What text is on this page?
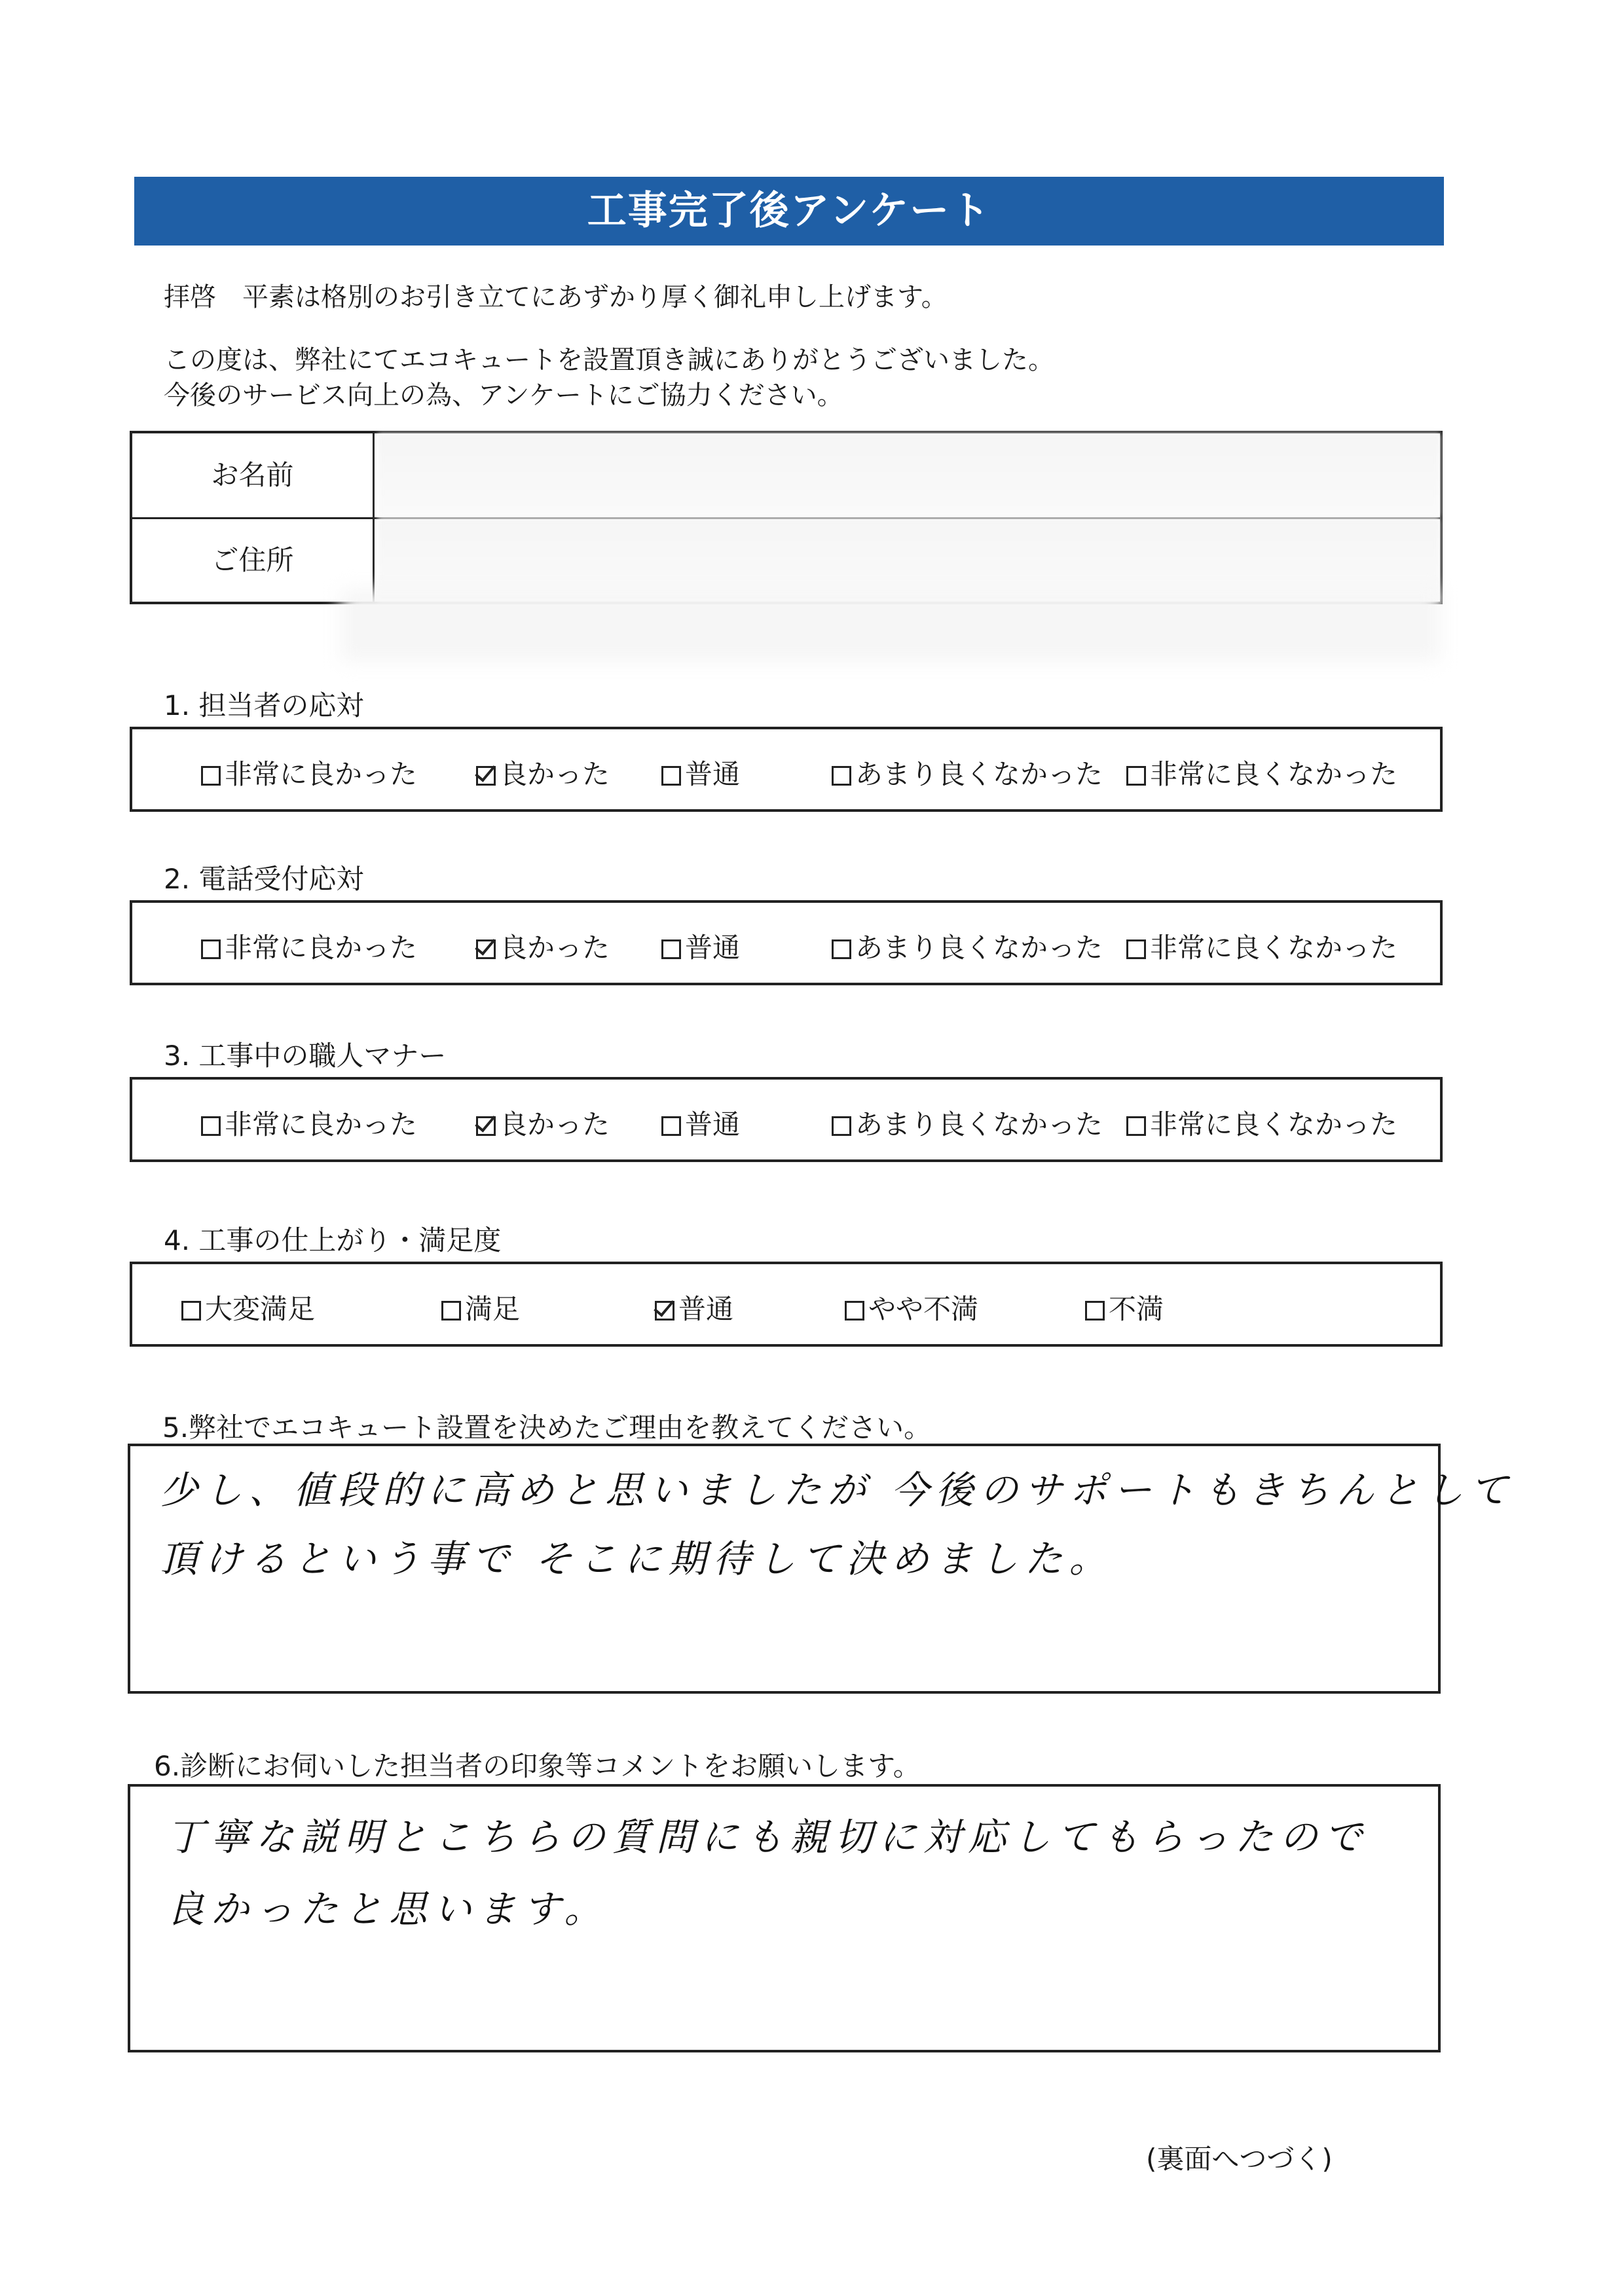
工事完了後アンケート
拝啓　平素は格別のお引き立てにあずかり厚く御礼申し上げます。
この度は、弊社にてエコキュートを設置頂き誠にありがとうございました。
今後のサービス向上の為、アンケートにご協力ください。
お名前
ご住所
1. 担当者の応対
非常に良かった	良かった	普通	あまり良くなかった	非常に良くなかった
2. 電話受付応対
非常に良かった	良かった	普通	あまり良くなかった	非常に良くなかった
3. 工事中の職人マナー
非常に良かった	良かった	普通	あまり良くなかった	非常に良くなかった
4. 工事の仕上がり・満足度
大変満足	満足	普通	やや不満	不満
5.弊社でエコキュート設置を決めたご理由を教えてください。
少し、値段的に高めと思いましたが 今後のサポートもきちんとして
頂けるという事で そこに期待して決めました。
6.診断にお伺いした担当者の印象等コメントをお願いします。
丁寧な説明とこちらの質問にも親切に対応してもらったので
良かったと思います。
(裏面へつづく)
